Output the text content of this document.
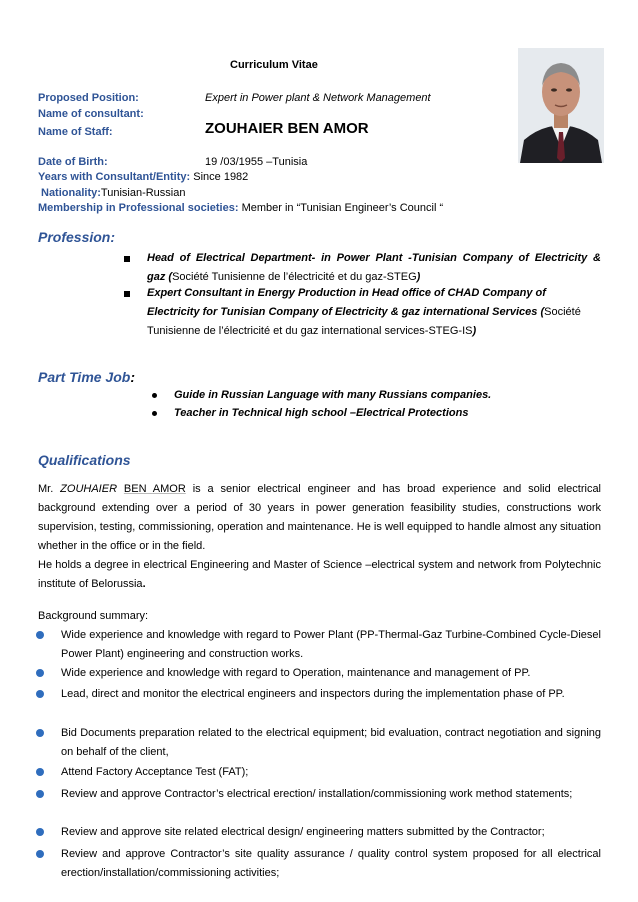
Curriculum Vitae
Proposed Position:	Expert in Power plant & Network Management
Name of consultant:
Name of Staff:	ZOUHAIER BEN AMOR
Date of Birth:	19 /03/1955 –Tunisia
Years with Consultant/Entity: Since 1982
Nationality:Tunisian-Russian
Membership in Professional societies: Member in “Tunisian Engineer’s Council “
Profession:
Head of Electrical Department- in Power Plant -Tunisian Company of Electricity &
gaz (Société Tunisienne de l’électricité et du gaz-STEG)
Expert Consultant in Energy Production in Head office of CHAD Company of
Electricity for Tunisian Company of Electricity & gaz international Services (Société
Tunisienne de l’électricité et du gaz international services-STEG-IS)
Part Time Job:
Guide in Russian Language with many Russians companies.
Teacher in Technical high school –Electrical Protections
Qualifications
Mr. ZOUHAIER BEN AMOR is a senior electrical engineer and has broad experience and solid electrical background extending over a period of 30 years in power generation feasibility studies, constructions work supervision, testing, commissioning, operation and maintenance. He is well equipped to handle almost any situation whether in the office or in the field.
He holds a degree in electrical Engineering and Master of Science –electrical system and network from Polytechnic institute of Belorussia.
Background summary:
Wide experience and knowledge with regard to Power Plant (PP-Thermal-Gaz Turbine-Combined Cycle-Diesel Power Plant) engineering and construction works.
Wide experience and knowledge with regard to Operation, maintenance and management of PP.
Lead, direct and monitor the electrical engineers and inspectors during the implementation phase of PP.
Bid Documents preparation related to the electrical equipment; bid evaluation, contract negotiation and signing on behalf of the client,
Attend Factory Acceptance Test (FAT);
Review and approve Contractor’s electrical erection/ installation/commissioning work method statements;
Review and approve site related electrical design/ engineering matters submitted by the Contractor;
Review and approve Contractor’s site quality assurance / quality control system proposed for all electrical erection/installation/commissioning activities;
